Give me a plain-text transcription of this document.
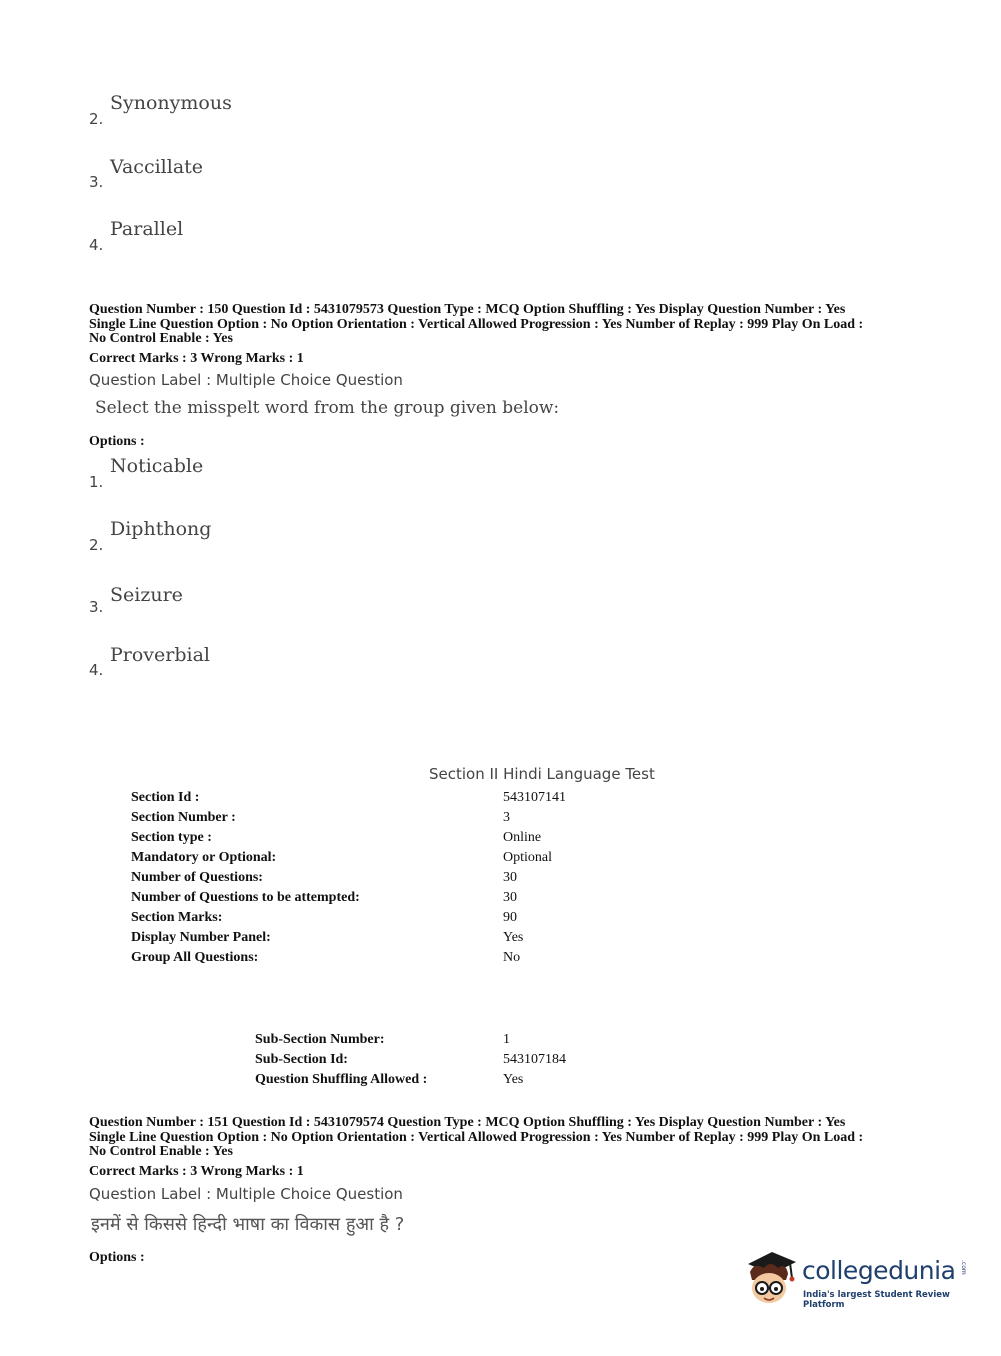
Synonymous
2.
Vaccillate
3.
Parallel
4.
Question Number : 150 Question Id : 5431079573 Question Type : MCQ Option Shuffling : Yes Display Question Number : Yes
Single Line Question Option : No Option Orientation : Vertical Allowed Progression : Yes Number of Replay : 999 Play On Load :
No Control Enable : Yes
Correct Marks : 3 Wrong Marks : 1
Question Label : Multiple Choice Question
Select the misspelt word from the group given below:
Options :
Noticable
1.
Diphthong
2.
Seizure
3.
Proverbial
4.
Section II Hindi Language Test
Section Id :	543107141
Section Number :	3
Section type :	Online
Mandatory or Optional:	Optional
Number of Questions:	30
Number of Questions to be attempted:	30
Section Marks:	90
Display Number Panel:	Yes
Group All Questions:	No
Sub-Section Number:	1
Sub-Section Id:	543107184
Question Shuffling Allowed :	Yes
Question Number : 151 Question Id : 5431079574 Question Type : MCQ Option Shuffling : Yes Display Question Number : Yes
Single Line Question Option : No Option Orientation : Vertical Allowed Progression : Yes Number of Replay : 999 Play On Load :
No Control Enable : Yes
Correct Marks : 3 Wrong Marks : 1
Question Label : Multiple Choice Question
इनमें से किससे हिन्दी भाषा का विकास हुआ है ?
Options :	collegedunia .com
India's largest Student Review Platform
